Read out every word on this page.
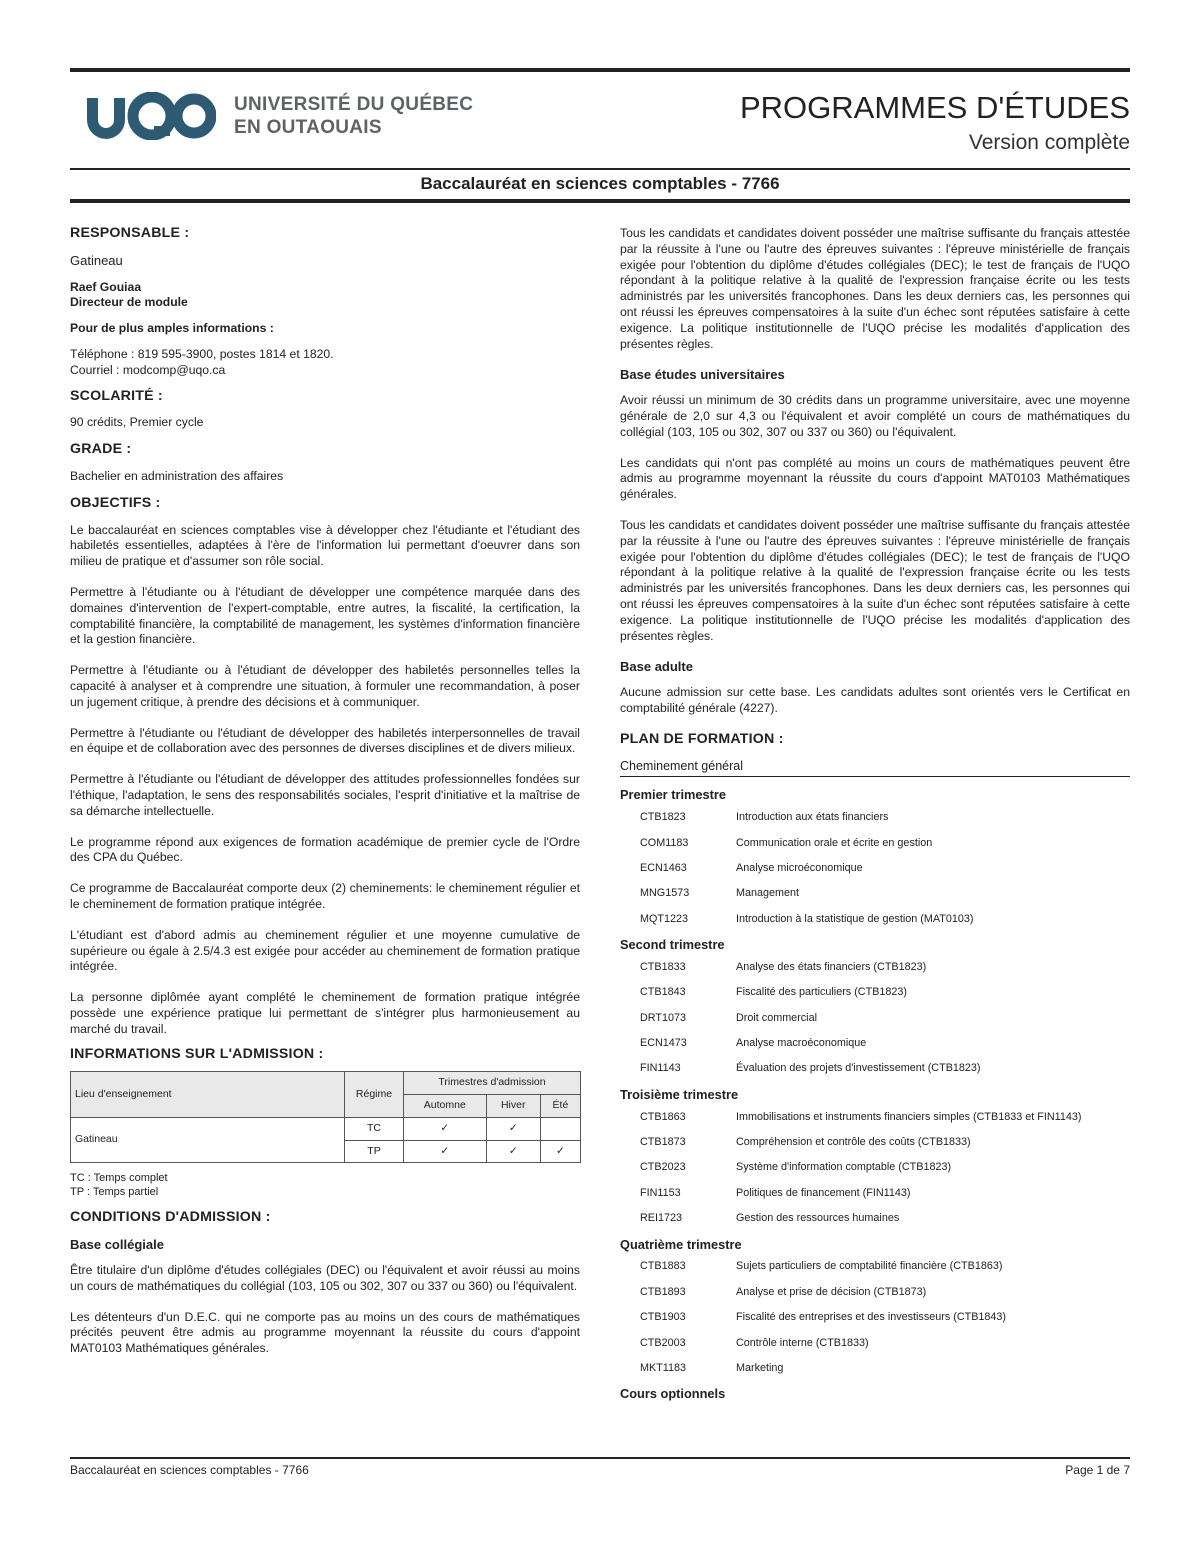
UNIVERSITÉ DU QUÉBEC
EN OUTAOUAIS
PROGRAMMES D'ÉTUDES
Version complète
Baccalauréat en sciences comptables - 7766
RESPONSABLE :

Gatineau

Raef Gouiaa

Directeur de module

Pour de plus amples informations :

Téléphone : 819 595-3900, postes 1814 et 1820.

Courriel : modcomp@uqo.ca

SCOLARITÉ :

90 crédits, Premier cycle

GRADE :

Bachelier en administration des affaires

OBJECTIFS :

Le baccalauréat en sciences comptables vise à développer chez l'étudiante et l'étudiant des habiletés essentielles, adaptées à l'ère de l'information lui permettant d'oeuvrer dans son milieu de pratique et d'assumer son rôle social.

Permettre à l'étudiante ou à l'étudiant de développer une compétence marquée dans des domaines d'intervention de l'expert-comptable, entre autres, la fiscalité, la certification, la comptabilité financière, la comptabilité de management, les systèmes d'information financière et la gestion financière.

Permettre à l'étudiante ou à l'étudiant de développer des habiletés personnelles telles la capacité à analyser et à comprendre une situation, à formuler une recommandation, à poser un jugement critique, à prendre des décisions et à communiquer.

Permettre à l'étudiante ou l'étudiant de développer des habiletés interpersonnelles de travail en équipe et de collaboration avec des personnes de diverses disciplines et de divers milieux.

Permettre à l'étudiante ou l'étudiant de développer des attitudes professionnelles fondées sur l'éthique, l'adaptation, le sens des responsabilités sociales, l'esprit d'initiative et la maîtrise de sa démarche intellectuelle.

Le programme répond aux exigences de formation académique de premier cycle de l'Ordre des CPA du Québec.

Ce programme de Baccalauréat comporte deux (2) cheminements: le cheminement régulier et le cheminement de formation pratique intégrée.

L'étudiant est d'abord admis au cheminement régulier et une moyenne cumulative de supérieure ou égale à 2.5/4.3 est exigée pour accéder au cheminement de formation pratique intégrée.

La personne diplômée ayant complété le cheminement de formation pratique intégrée possède une expérience pratique lui permettant de s'intégrer plus harmonieusement au marché du travail.

INFORMATIONS SUR L'ADMISSION :
Lieu d'enseignement	Régime	Trimestres d'admission		
		Automne	Hiver	Été
Gatineau	TC	✓	✓	
	TP	✓	✓	✓
TC : Temps complet
TP : Temps partiel
CONDITIONS D'ADMISSION :
Base collégiale

Être titulaire d'un diplôme d'études collégiales (DEC) ou l'équivalent et avoir réussi au moins un cours de mathématiques du collégial (103, 105 ou 302, 307 ou 337 ou 360) ou l'équivalent.

Les détenteurs d'un D.E.C. qui ne comporte pas au moins un des cours de mathématiques précités peuvent être admis au programme moyennant la réussite du cours d'appoint MAT0103 Mathématiques générales.

Tous les candidats et candidates doivent posséder une maîtrise suffisante du français attestée par la réussite à l'une ou l'autre des épreuves suivantes : l'épreuve ministérielle de français exigée pour l'obtention du diplôme d'études collégiales (DEC); le test de français de l'UQO répondant à la politique relative à la qualité de l'expression française écrite ou les tests administrés par les universités francophones. Dans les deux derniers cas, les personnes qui ont réussi les épreuves compensatoires à la suite d'un échec sont réputées satisfaire à cette exigence. La politique institutionnelle de l'UQO précise les modalités d'application des présentes règles.

Base études universitaires

Avoir réussi un minimum de 30 crédits dans un programme universitaire, avec une moyenne générale de 2,0 sur 4,3 ou l'équivalent et avoir complété un cours de mathématiques du collégial (103, 105 ou 302, 307 ou 337 ou 360) ou l'équivalent.

Les candidats qui n'ont pas complété au moins un cours de mathématiques peuvent être admis au programme moyennant la réussite du cours d'appoint MAT0103 Mathématiques générales.

Tous les candidats et candidates doivent posséder une maîtrise suffisante du français attestée par la réussite à l'une ou l'autre des épreuves suivantes : l'épreuve ministérielle de français exigée pour l'obtention du diplôme d'études collégiales (DEC); le test de français de l'UQO répondant à la politique relative à la qualité de l'expression française écrite ou les tests administrés par les universités francophones. Dans les deux derniers cas, les personnes qui ont réussi les épreuves compensatoires à la suite d'un échec sont réputées satisfaire à cette exigence. La politique institutionnelle de l'UQO précise les modalités d'application des présentes règles.

Base adulte

Aucune admission sur cette base. Les candidats adultes sont orientés vers le Certificat en comptabilité générale (4227).

PLAN DE FORMATION :
Cheminement général
Premier trimestre
CTB1823	Introduction aux états financiers
COM1183	Communication orale et écrite en gestion
ECN1463	Analyse microéconomique
MNG1573	Management
MQT1223	Introduction à la statistique de gestion (MAT0103)
Second trimestre
CTB1833	Analyse des états financiers (CTB1823)
CTB1843	Fiscalité des particuliers (CTB1823)
DRT1073	Droit commercial
ECN1473	Analyse macroéconomique
FIN1143	Évaluation des projets d'investissement (CTB1823)
Troisième trimestre
CTB1863	Immobilisations et instruments financiers simples (CTB1833 et FIN1143)
CTB1873	Compréhension et contrôle des coûts (CTB1833)
CTB2023	Système d'information comptable (CTB1823)
FIN1153	Politiques de financement (FIN1143)
REI1723	Gestion des ressources humaines
Quatrième trimestre
CTB1883	Sujets particuliers de comptabilité financière (CTB1863)
CTB1893	Analyse et prise de décision (CTB1873)
CTB1903	Fiscalité des entreprises et des investisseurs (CTB1843)
CTB2003	Contrôle interne (CTB1833)
MKT1183	Marketing
Cours optionnels
Baccalauréat en sciences comptables - 7766	Page 1 de 7
